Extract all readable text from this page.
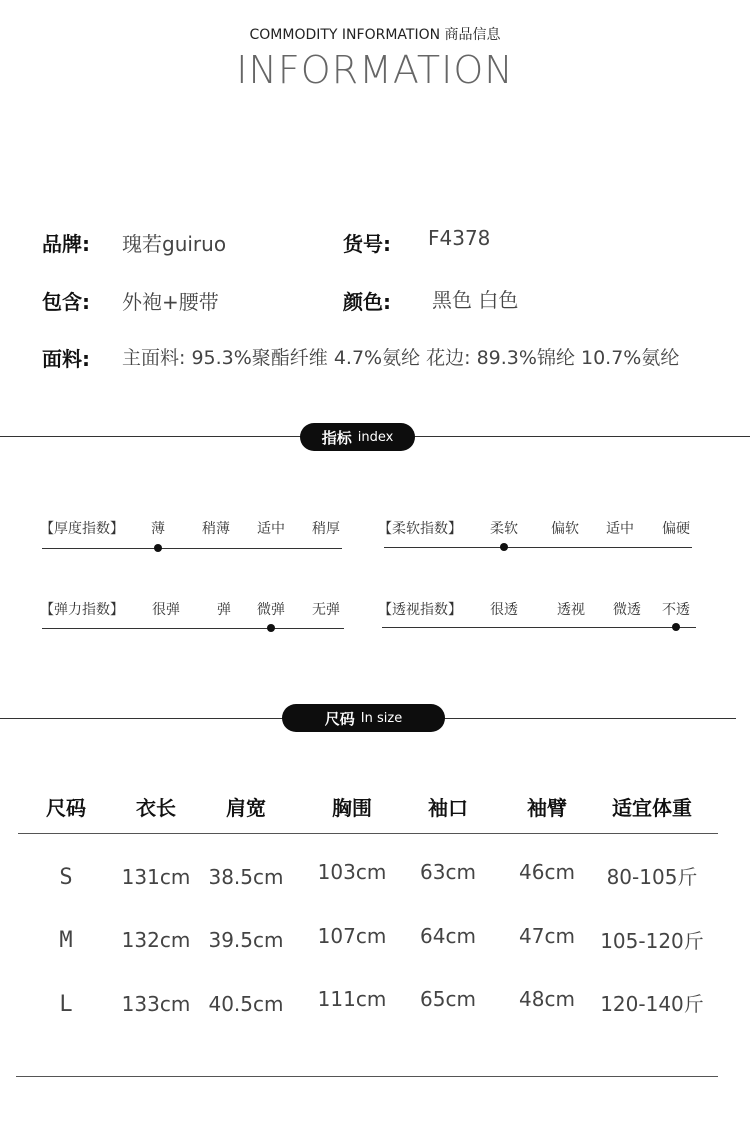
COMMODITY INFORMATION 商品信息
INFORMATION
品牌: 瑰若guiruo	货号: F4378
包含: 外袍+腰带	颜色: 黑色 白色
面料: 主面料: 95.3%聚酯纤维 4.7%氨纶 花边: 89.3%锦纶 10.7%氨纶
指标 index
【厚度指数】	薄	稍薄	适中	稍厚	【柔软指数】	柔软	偏软	适中	偏硬
【弹力指数】	很弹	弹	微弹	无弹	【透视指数】	很透	透视	微透	不透
尺码 In size
尺码	衣长	肩宽	胸围	袖口	袖臂	适宜体重
S	131cm 38.5cm	103cm	63cm	46cm	80-105斤
M	132cm 39.5cm	107cm	64cm	47cm	105-120斤
L	133cm 40.5cm	111cm	65cm	48cm	120-140斤
